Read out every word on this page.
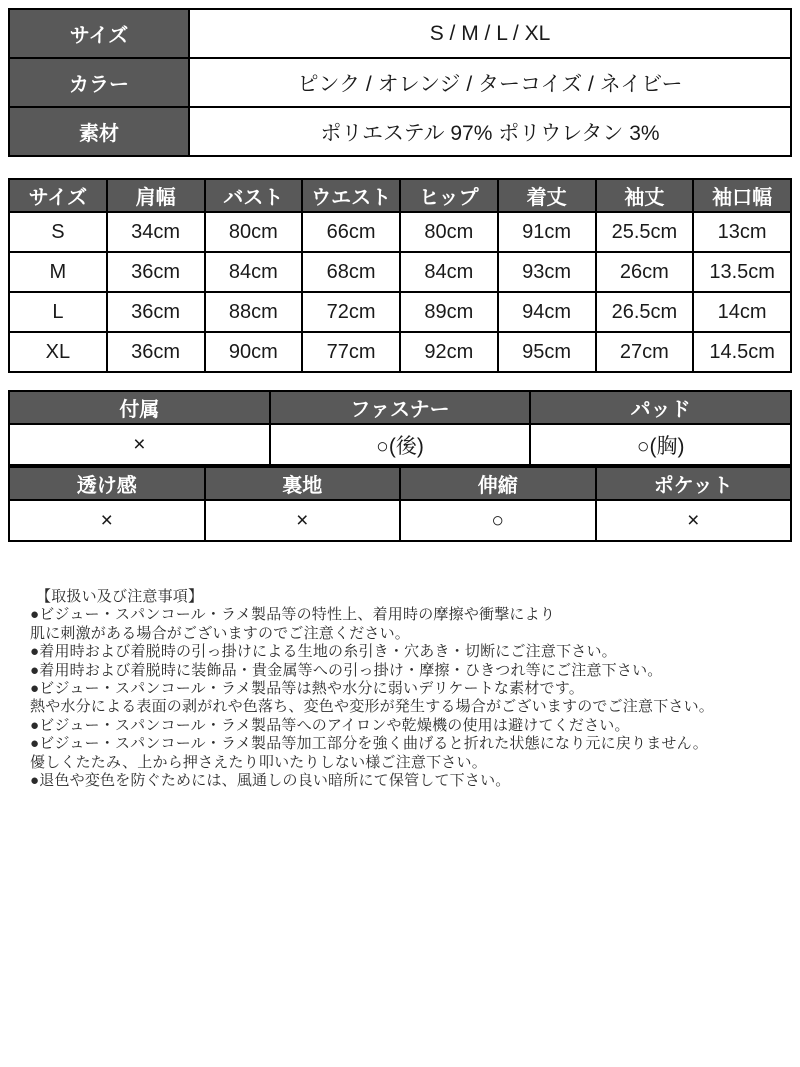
サイズ	S / M / L / XL
カラー	ピンク / オレンジ / ターコイズ / ネイビー
素材	ポリエステル 97% ポリウレタン 3%
サイズ	肩幅	バスト	ウエスト	ヒップ	着丈	袖丈	袖口幅
S	34cm	80cm	66cm	80cm	91cm	25.5cm	13cm
M	36cm	84cm	68cm	84cm	93cm	26cm	13.5cm
L	36cm	88cm	72cm	89cm	94cm	26.5cm	14cm
XL	36cm	90cm	77cm	92cm	95cm	27cm	14.5cm
付属	ファスナー	パッド
×	○(後)	○(胸)
透け感	裏地	伸縮	ポケット
×	×	○	×
【取扱い及び注意事項】
●ビジュー・スパンコール・ラメ製品等の特性上、着用時の摩擦や衝撃により
肌に刺激がある場合がございますのでご注意ください。
●着用時および着脱時の引っ掛けによる生地の糸引き・穴あき・切断にご注意下さい。
●着用時および着脱時に装飾品・貴金属等への引っ掛け・摩擦・ひきつれ等にご注意下さい。
●ビジュー・スパンコール・ラメ製品等は熱や水分に弱いデリケートな素材です。
熱や水分による表面の剥がれや色落ち、変色や変形が発生する場合がございますのでご注意下さい。
●ビジュー・スパンコール・ラメ製品等へのアイロンや乾燥機の使用は避けてください。
●ビジュー・スパンコール・ラメ製品等加工部分を強く曲げると折れた状態になり元に戻りません。
優しくたたみ、上から押さえたり叩いたりしない様ご注意下さい。
●退色や変色を防ぐためには、風通しの良い暗所にて保管して下さい。
